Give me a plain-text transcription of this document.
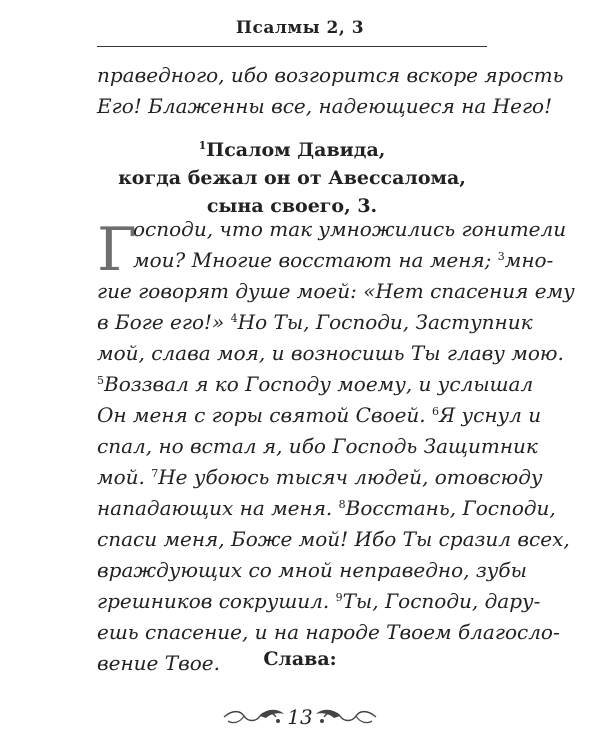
Псалмы 2, 3
праведного, ибо возгорится вскоре ярость
Его! Блаженны все, надеющиеся на Него!
$^1$Псалом Давида,
когда бежал он от Авессалома,
сына своего, 3.
Г
осподи, что так умножились гонители
мои? Многие восстают на меня; $^3$мно-
гие говорят душе моей: «Нет спасения ему
в Боге его!» $^4$Но Ты, Господи, Заступник
мой, слава моя, и возносишь Ты главу мою.
$^5$Воззвал я ко Господу моему, и услышал
Он меня с горы святой Своей. $^6$Я уснул и
спал, но встал я, ибо Господь Защитник
мой. $^7$Не убоюсь тысяч людей, отовсюду
нападающих на меня. $^8$Восстань, Господи,
спаси меня, Боже мой! Ибо Ты сразил всех,
враждующих со мной неправедно, зубы
грешников сокрушил. $^9$Ты, Господи, дару-
ешь спасение, и на народе Твоем благосло-
вение Твое.	Слава:
13
